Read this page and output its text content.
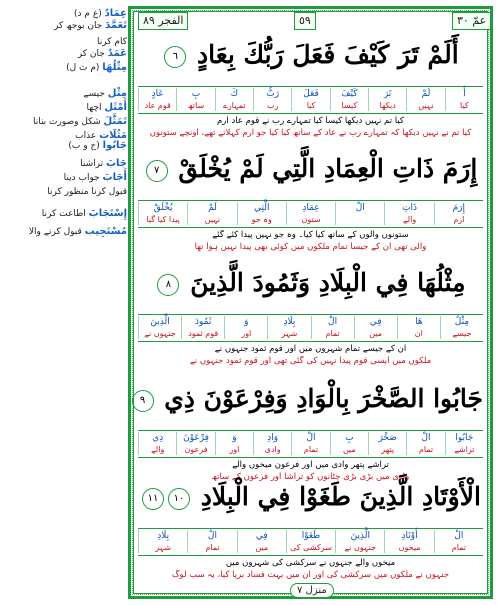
الفجر ٨٩	٥٩	عمّ ٣٠
عِمَادٌ (ع م د)
تَعَمَّدَ جان بوجھ کر
کام کرنا
عَمَدٌ جان کر
مِثْلُهَا (م ث ل)
مِثْل جیسے
أَمْثَل اچھا
تَمَثَّلَ شکل وصورت بنانا
مَثُلَات عذاب
جَابُوا (ج و ب)
جَابَ تراشنا
أَجَابَ جواب دینا
قبول کرنا منظور کرنا
إِسْتَجَابَ اطاعت کرنا
مُسْتَجِيب قبول کرنے والا
أَلَمْ تَرَ كَيْفَ فَعَلَ رَبُّكَ بِعَادٍ ٦
أَ
کیا
لَمْ
نہیں
تَرَ
دیکھا
كَيْفَ
کیسا
فَعَلَ
کیا
رَبُّ
رب
كَ
تمہارے
بِ
ساتھ
عَادٍ
قوم عاد
کیا تم نہیں دیکھا کیسا کیا تمہارے رب نے قوم عاد ارم
کیا تم نے نہیں دیکھا کہ تمہارے رب نے عاد کے ساتھ کیا کیا جو ارم کہلاتے تھے، اونچے ستونوں
إِرَمَ ذَاتِ الْعِمَادِ الَّتِي لَمْ يُخْلَقْ ٧
إِرَمَ
ارم
ذَاتِ
والے
الْ
عِمَادِ
ستون
الَّتِي
وہ جو
لَمْ
نہیں
يُخْلَقْ
پیدا کیا گیا
ستونوں والوں کے ساتھ کیا کیا۔ وہ جو نہیں پیدا کئے گئے
والی تھی ان کے جیسا تمام ملکوں میں کوئی بھی پیدا نہیں ہوا تھا
مِثْلُهَا فِي الْبِلَادِ وَثَمُودَ الَّذِينَ ٨
مِثْلُ
جیسے
هَا
ان
فِي
میں
الْ
تمام
بِلَادِ
شہر
وَ
اور
ثَمُودَ
قوم ثمود
الَّذِينَ
جنہوں نے
ان کے جیسے تمام شہروں میں اور قوم ثمود جنہوں نے
ملکوں میں ایسی قوم پیدا نہیں کی گئی تھی اور قوم ثمود جنہوں نے
جَابُوا الصَّخْرَ بِالْوَادِ وَفِرْعَوْنَ ذِي ٩
جَابُوا
تراشے
الْ
تمام
صَخْرَ
پتھر
بِ
میں
الْ
تمام
وَادِ
وادی
وَ
اور
فِرْعَوْنَ
فرعون
ذِي
والے
تراشے پتھر وادی میں اور فرعون میخوں والے
وادی میں بڑی بڑی چٹانوں کو تراشا اور فرعون کے ساتھ
الْأَوْتَادِ الَّذِينَ طَغَوْا فِي الْبِلَادِ ١٠١١
الْ
تمام
أَوْتَادِ
میخوں
الَّذِينَ
جنہوں نے
طَغَوْا
سرکشی کی
فِي
میں
الْ
تمام
بِلَادِ
شہر
میخوں والے جنہوں نے سرکشی کی شہروں میں
جنہوں نے ملکوں میں سرکشی کی اور ان میں بہت فساد برپا کیا، یہ سب لوگ
منزل ٧
